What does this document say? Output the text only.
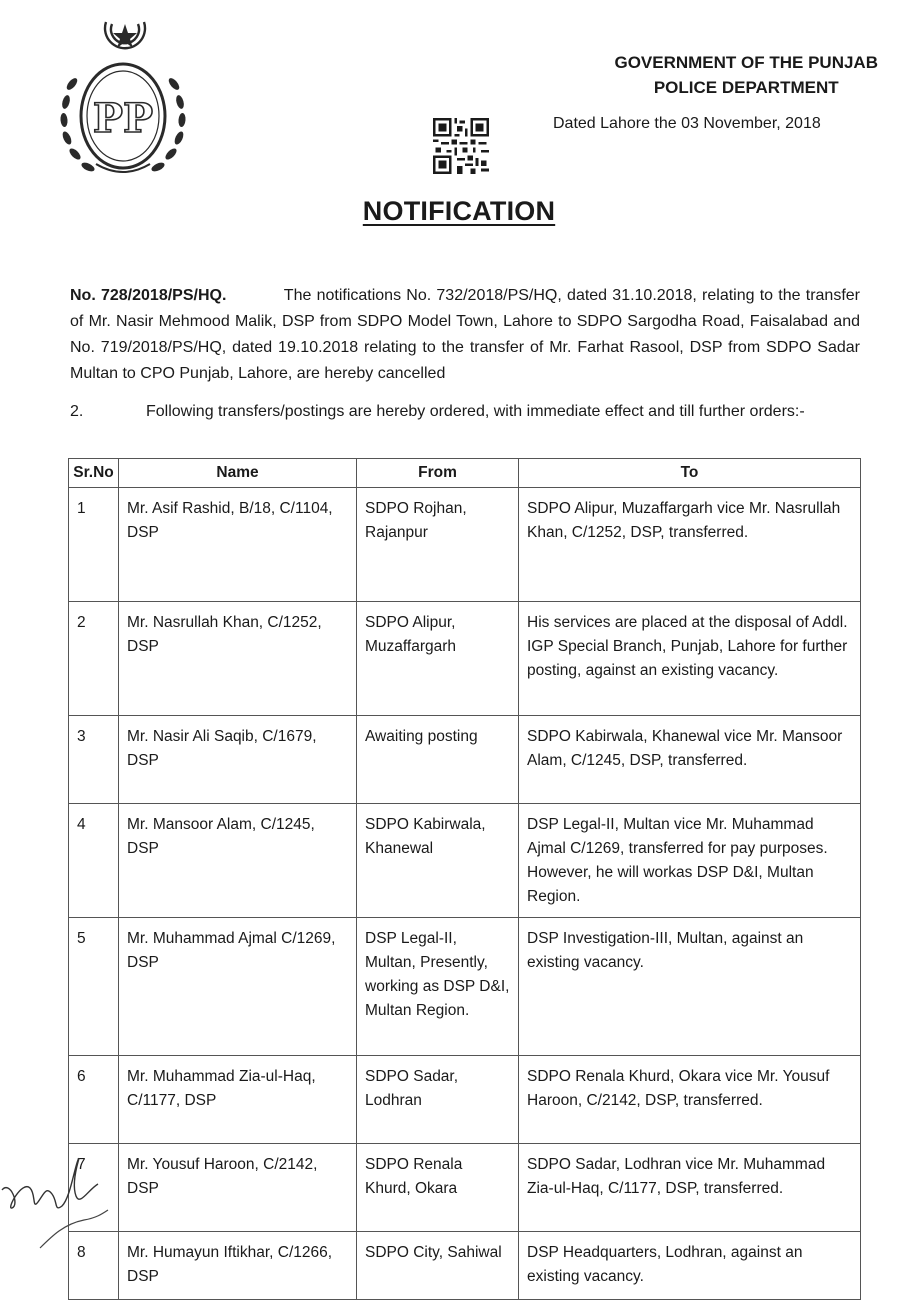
PP
GOVERNMENT OF THE PUNJAB
POLICE DEPARTMENT
Dated Lahore the 03 November, 2018
NOTIFICATION
No. 728/2018/PS/HQ.	The notifications No. 732/2018/PS/HQ, dated 31.10.2018, relating to the transfer of Mr. Nasir Mehmood Malik, DSP from SDPO Model Town, Lahore to SDPO Sargodha Road, Faisalabad and No. 719/2018/PS/HQ, dated 19.10.2018 relating to the transfer of Mr. Farhat Rasool, DSP from SDPO Sadar Multan to CPO Punjab, Lahore, are hereby cancelled
2.	Following transfers/postings are hereby ordered, with immediate effect and till further orders:-
Sr.No	Name	From	To
1	Mr. Asif Rashid, B/18, C/1104, DSP	SDPO Rojhan, Rajanpur	SDPO Alipur, Muzaffargarh vice Mr. Nasrullah Khan, C/1252, DSP, transferred.
2	Mr. Nasrullah Khan, C/1252, DSP	SDPO Alipur, Muzaffargarh	His services are placed at the disposal of Addl. IGP Special Branch, Punjab, Lahore for further posting, against an existing vacancy.
3	Mr. Nasir Ali Saqib, C/1679, DSP	Awaiting posting	SDPO Kabirwala, Khanewal vice Mr. Mansoor Alam, C/1245, DSP, transferred.
4	Mr. Mansoor Alam, C/1245, DSP	SDPO Kabirwala, Khanewal	DSP Legal-II, Multan vice Mr. Muhammad Ajmal C/1269, transferred for pay purposes. However, he will workas DSP D&I, Multan Region.
5	Mr. Muhammad Ajmal C/1269, DSP	DSP Legal-II, Multan, Presently, working as DSP D&I, Multan Region.	DSP Investigation-III, Multan, against an existing vacancy.
6	Mr. Muhammad Zia-ul-Haq, C/1177, DSP	SDPO Sadar, Lodhran	SDPO Renala Khurd, Okara vice Mr. Yousuf Haroon, C/2142, DSP, transferred.
7	Mr. Yousuf Haroon, C/2142, DSP	SDPO Renala Khurd, Okara	SDPO Sadar, Lodhran vice Mr. Muhammad Zia-ul-Haq, C/1177, DSP, transferred.
8	Mr. Humayun Iftikhar, C/1266, DSP	SDPO City, Sahiwal	DSP Headquarters, Lodhran, against an existing vacancy.
